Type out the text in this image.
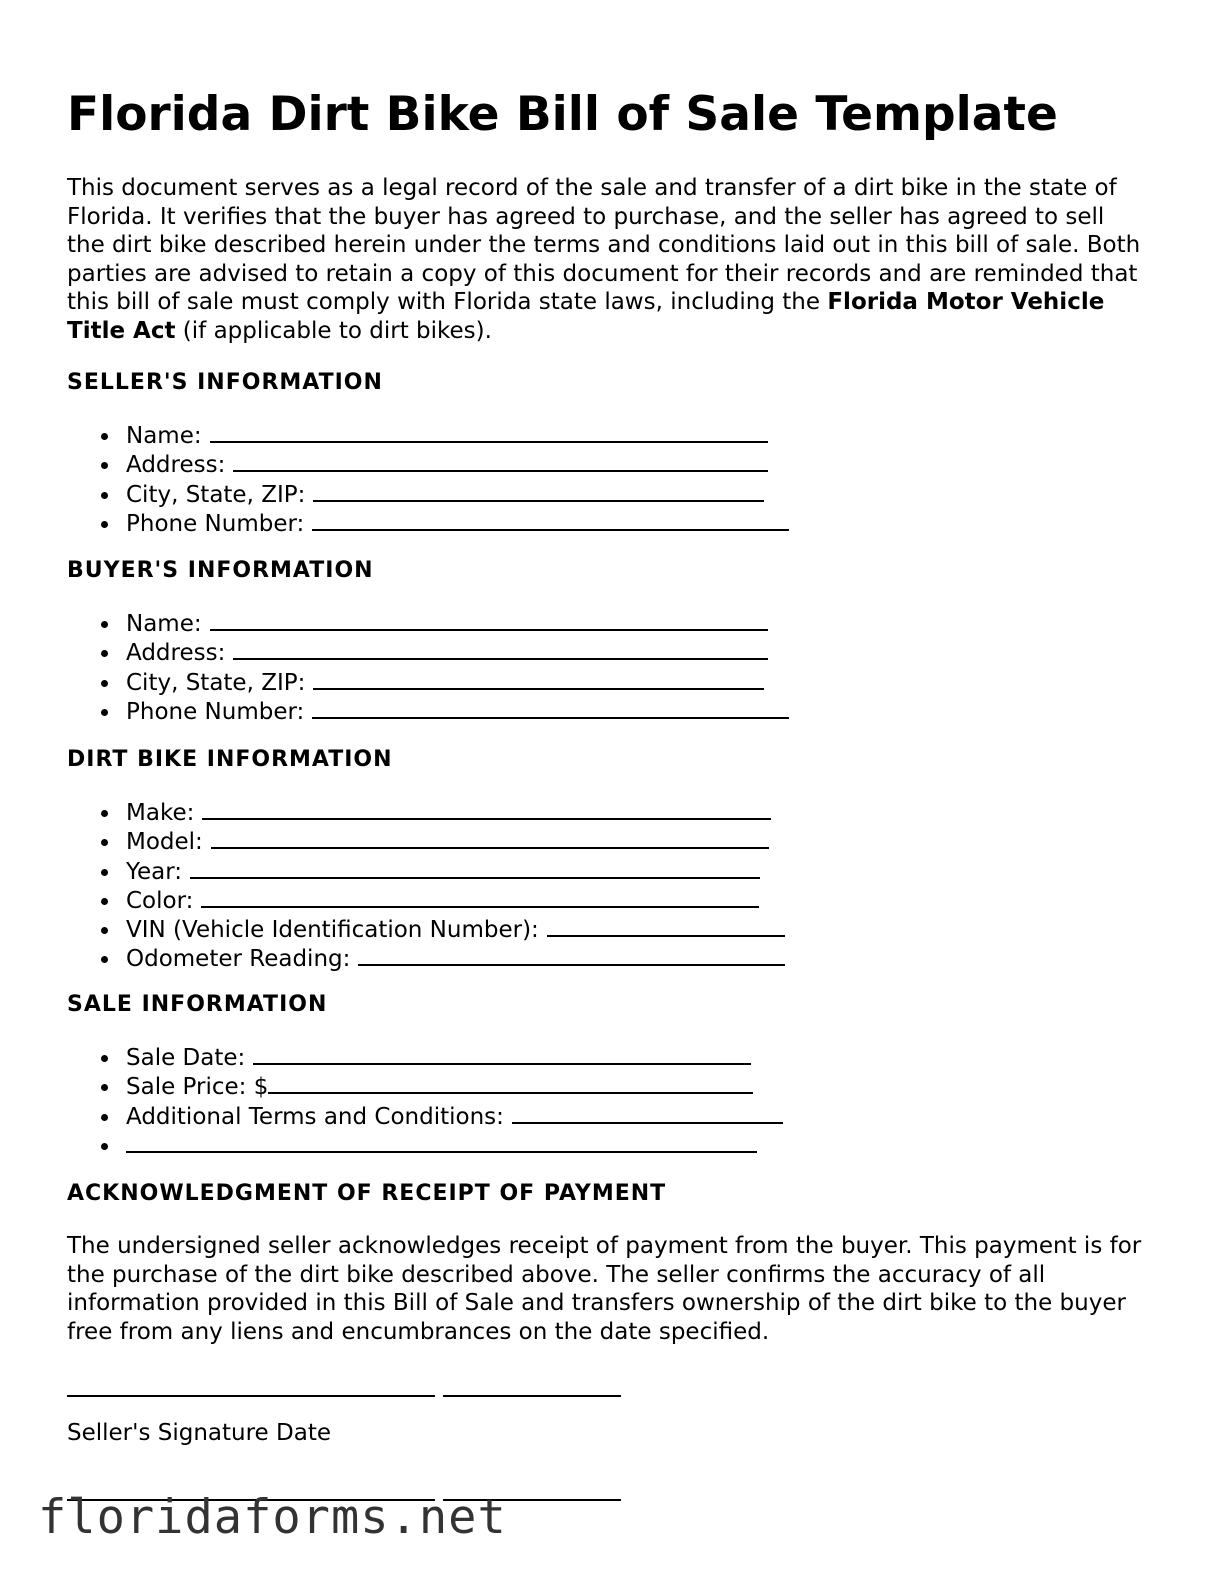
Florida Dirt Bike Bill of Sale Template

This document serves as a legal record of the sale and transfer of a dirt bike in the state of Florida. It verifies that the buyer has agreed to purchase, and the seller has agreed to sell the dirt bike described herein under the terms and conditions laid out in this bill of sale. Both parties are advised to retain a copy of this document for their records and are reminded that this bill of sale must comply with Florida state laws, including the Florida Motor Vehicle Title Act (if applicable to dirt bikes).

SELLER'S INFORMATION
Name:
Address:
City, State, ZIP:
Phone Number:
BUYER'S INFORMATION
Name:
Address:
City, State, ZIP:
Phone Number:
DIRT BIKE INFORMATION
Make:
Model:
Year:
Color:
VIN (Vehicle Identification Number):
Odometer Reading:
SALE INFORMATION
Sale Date:
Sale Price: $
Additional Terms and Conditions:
ACKNOWLEDGMENT OF RECEIPT OF PAYMENT

The undersigned seller acknowledges receipt of payment from the buyer. This payment is for the purchase of the dirt bike described above. The seller confirms the accuracy of all information provided in this Bill of Sale and transfers ownership of the dirt bike to the buyer free from any liens and encumbrances on the date specified.

Seller's Signature Date
floridaforms.net
